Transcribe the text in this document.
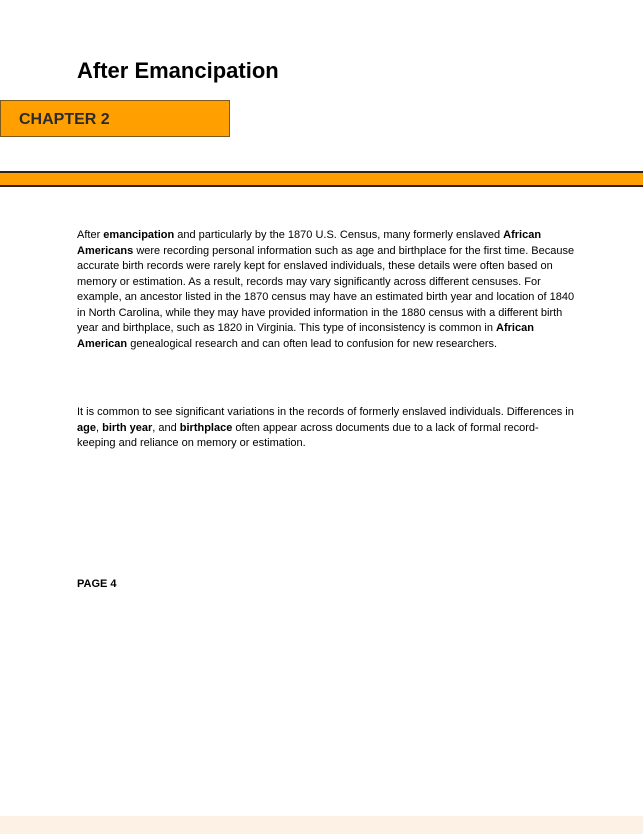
After Emancipation
CHAPTER 2

After emancipation and particularly by the 1870 U.S. Census, many formerly enslaved African Americans were recording personal information such as age and birthplace for the first time. Because accurate birth records were rarely kept for enslaved individuals, these details were often based on memory or estimation. As a result, records may vary significantly across different censuses. For example, an ancestor listed in the 1870 census may have an estimated birth year and location of 1840 in North Carolina, while they may have provided information in the 1880 census with a different birth year and birthplace, such as 1820 in Virginia. This type of inconsistency is common in African American genealogical research and can often lead to confusion for new researchers.

It is common to see significant variations in the records of formerly enslaved individuals. Differences in age, birth year, and birthplace often appear across documents due to a lack of formal record-keeping and reliance on memory or estimation.

PAGE 4
